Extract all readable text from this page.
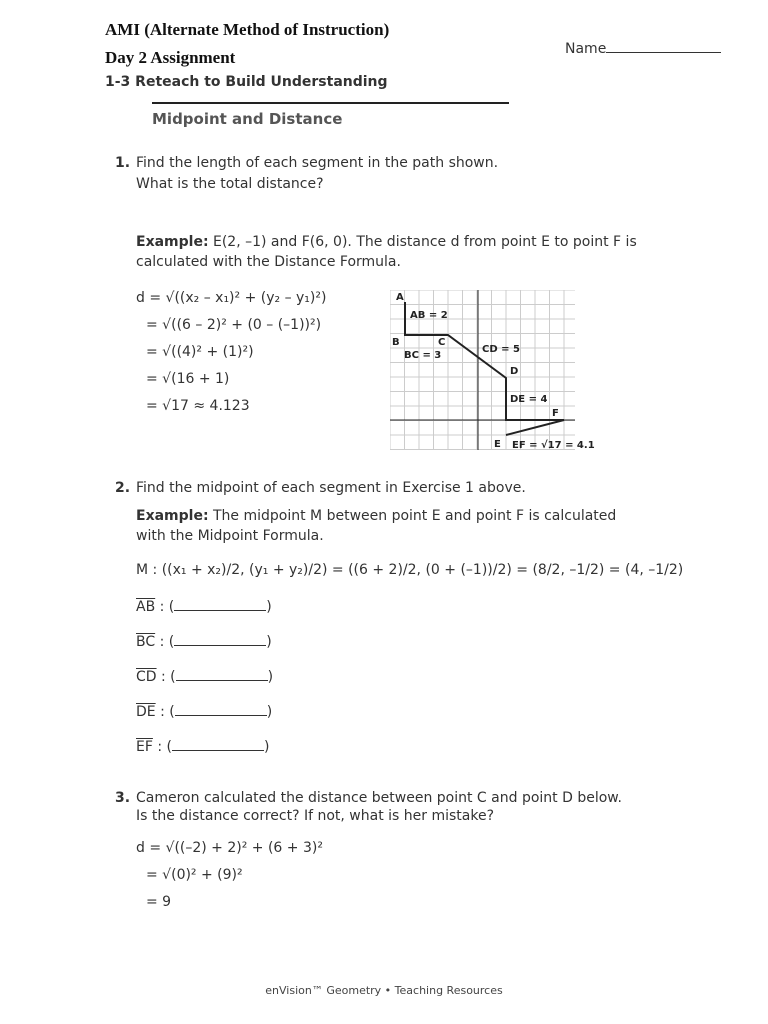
AMI (Alternate Method of Instruction)
Day 2 Assignment
1-3 Reteach to Build Understanding
Name
Midpoint and Distance
1. Find the length of each segment in the path shown.
What is the total distance?
Example: E(2, –1) and F(6, 0). The distance d from point E to point F is
calculated with the Distance Formula.
d = √((x₂ – x₁)² + (y₂ – y₁)²)
= √((6 – 2)² + (0 – (–1))²)
= √((4)² + (1)²)
= √(16 + 1)
= √17 ≈ 4.123
A
B	C
D
E
F
AB = 2
BC = 3
CD = 5
DE = 4
EF = √17 = 4.1
2. Find the midpoint of each segment in Exercise 1 above.
Example: The midpoint M between point E and point F is calculated
with the Midpoint Formula.
M : ((x₁ + x₂)/2, (y₁ + y₂)/2) = ((6 + 2)/2, (0 + (–1))/2) = (8/2, –1/2) = (4, –1/2)
$\overline{AB}$ : (	)
$\overline{BC}$ : (	)
$\overline{CD}$ : (	)
$\overline{DE}$ : (	)
$\overline{EF}$ : (	)
3. Cameron calculated the distance between point C and point D below.
Is the distance correct? If not, what is her mistake?
d = √((–2) + 2)² + (6 + 3)²
= √(0)² + (9)²
= 9
enVision™ Geometry • Teaching Resources
